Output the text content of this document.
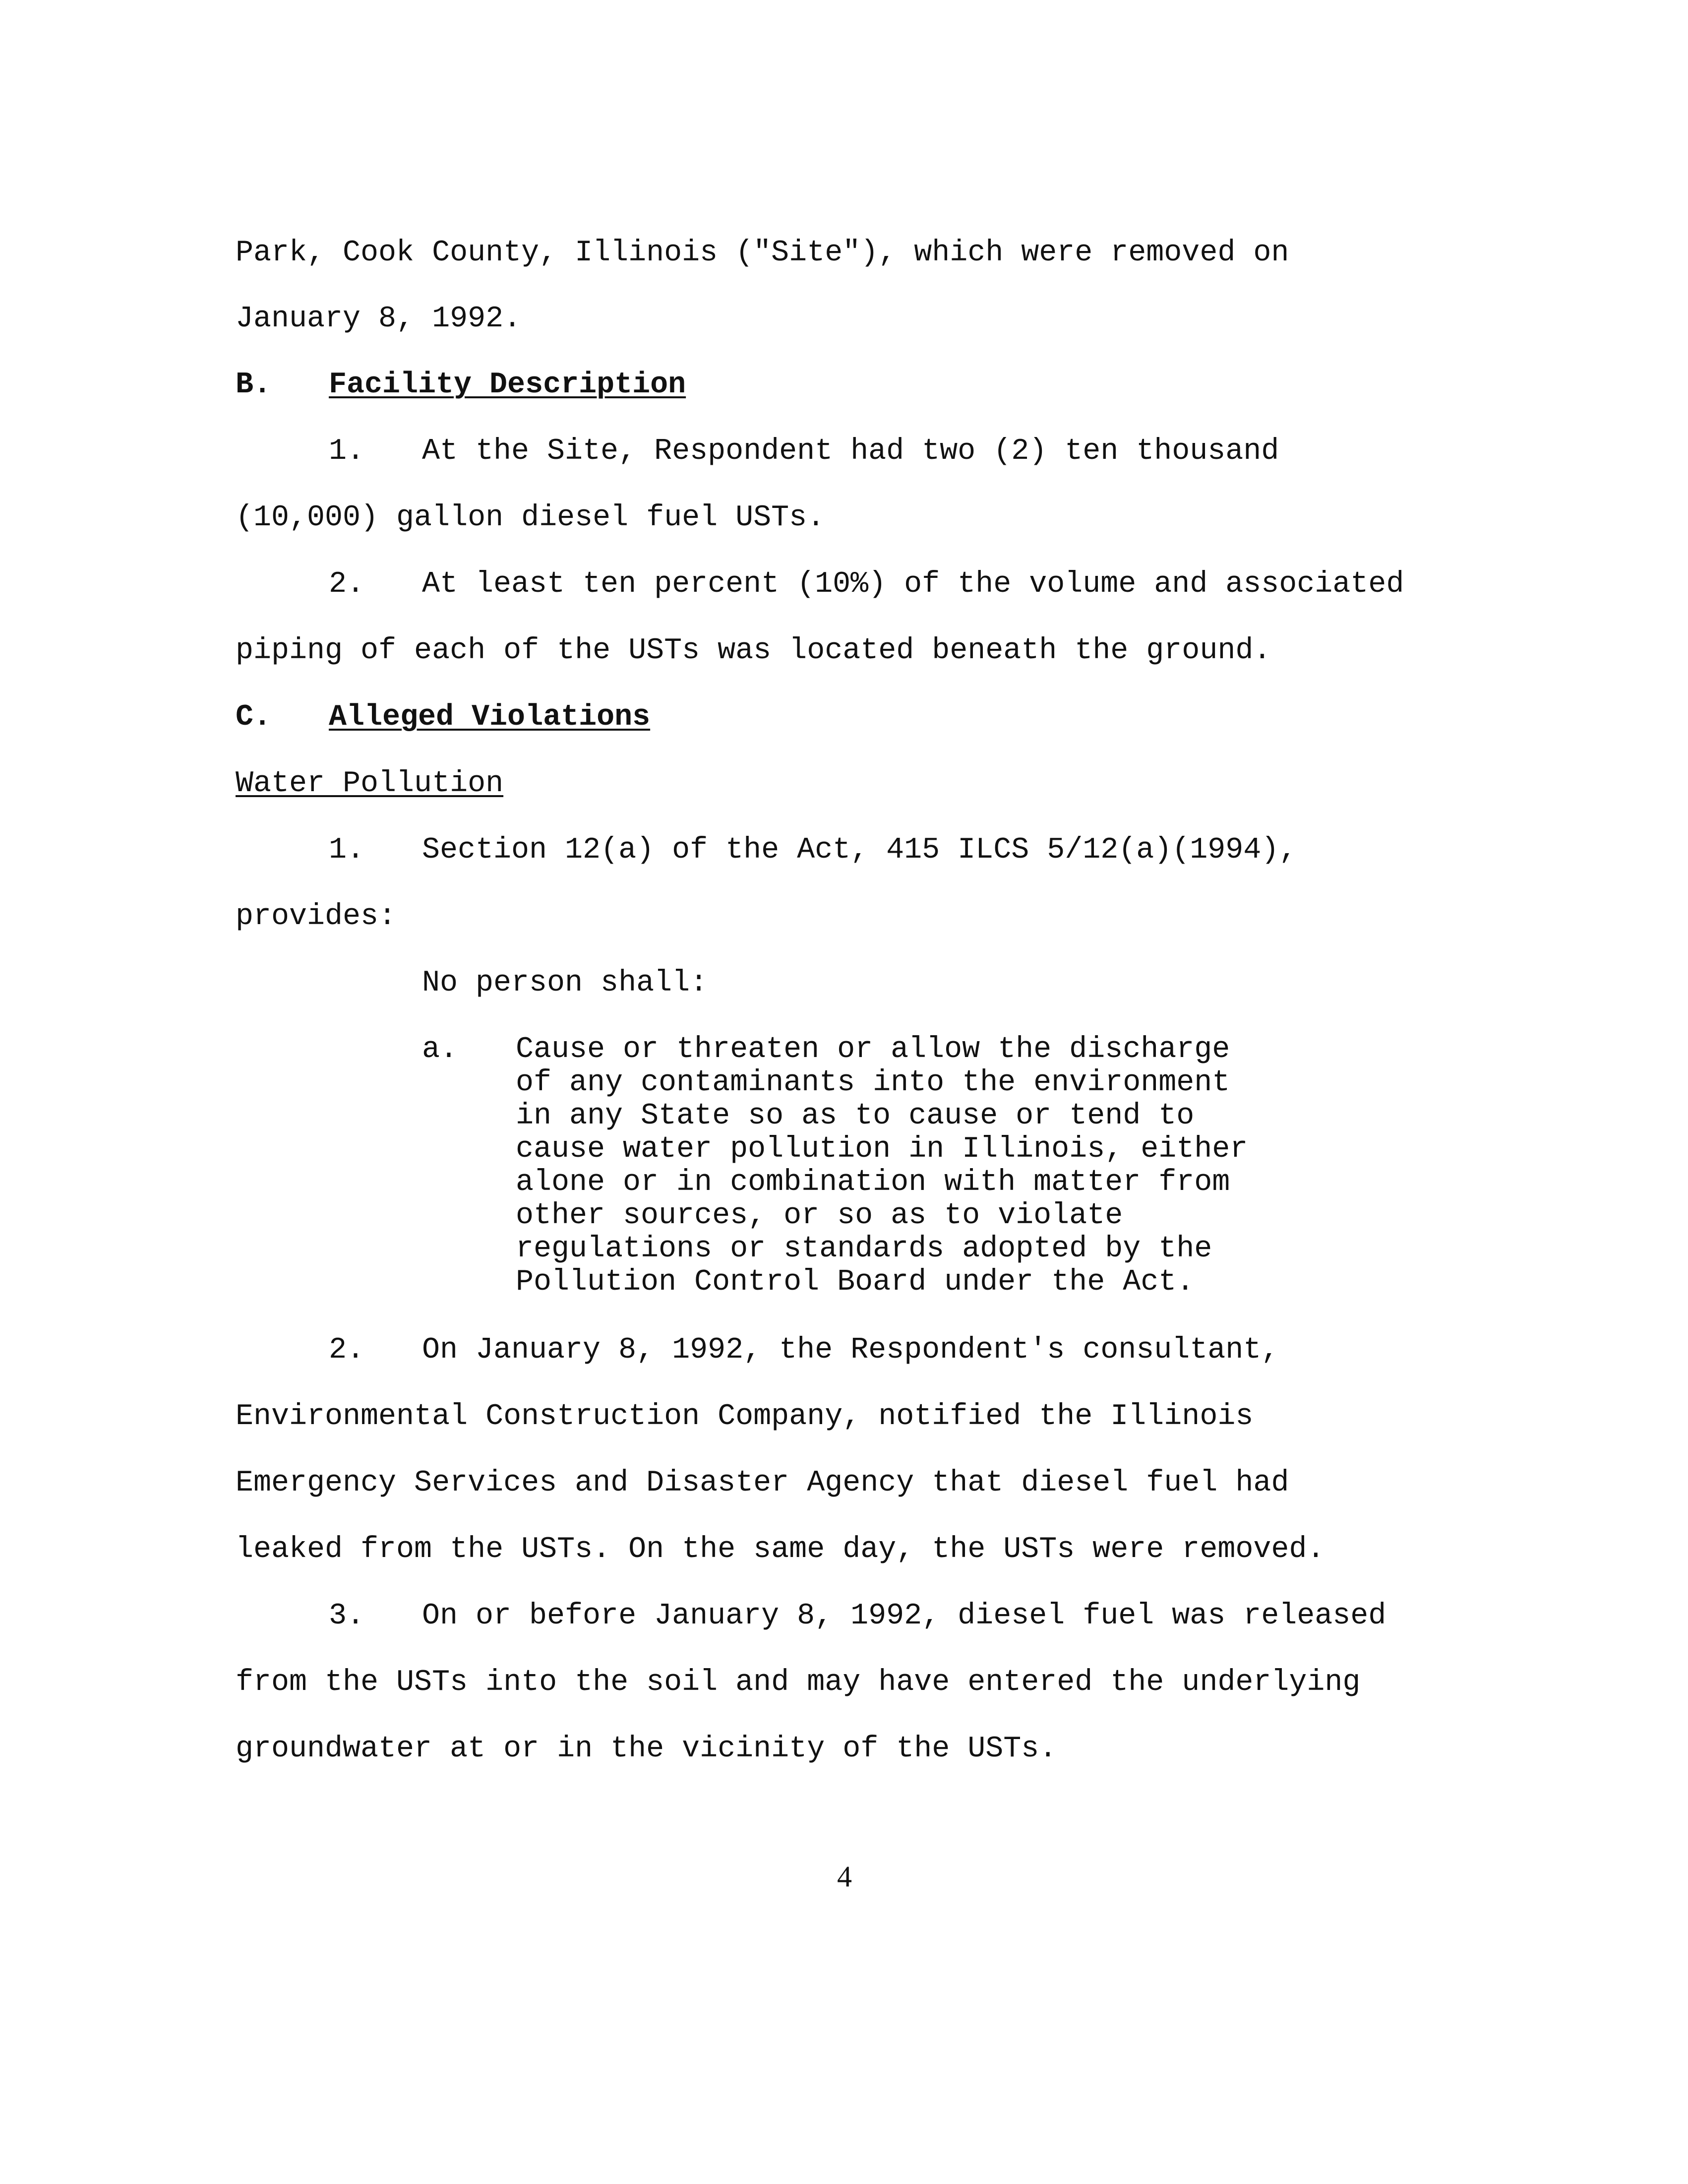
Park, Cook County, Illinois ("Site"), which were removed on

January 8, 1992.

B. Facility Description

1. At the Site, Respondent had two (2) ten thousand

(10,000) gallon diesel fuel USTs.

2. At least ten percent (10%) of the volume and associated

piping of each of the USTs was located beneath the ground.

C. Alleged Violations

Water Pollution

1. Section 12(a) of the Act, 415 ILCS 5/12(a)(1994),

provides:

No person shall:

a. Cause or threaten or allow the discharge

of any contaminants into the environment

in any State so as to cause or tend to

cause water pollution in Illinois, either

alone or in combination with matter from

other sources, or so as to violate

regulations or standards adopted by the

Pollution Control Board under the Act.

2. On January 8, 1992, the Respondent's consultant,

Environmental Construction Company, notified the Illinois

Emergency Services and Disaster Agency that diesel fuel had

leaked from the USTs. On the same day, the USTs were removed.

3. On or before January 8, 1992, diesel fuel was released

from the USTs into the soil and may have entered the underlying

groundwater at or in the vicinity of the USTs.

4
